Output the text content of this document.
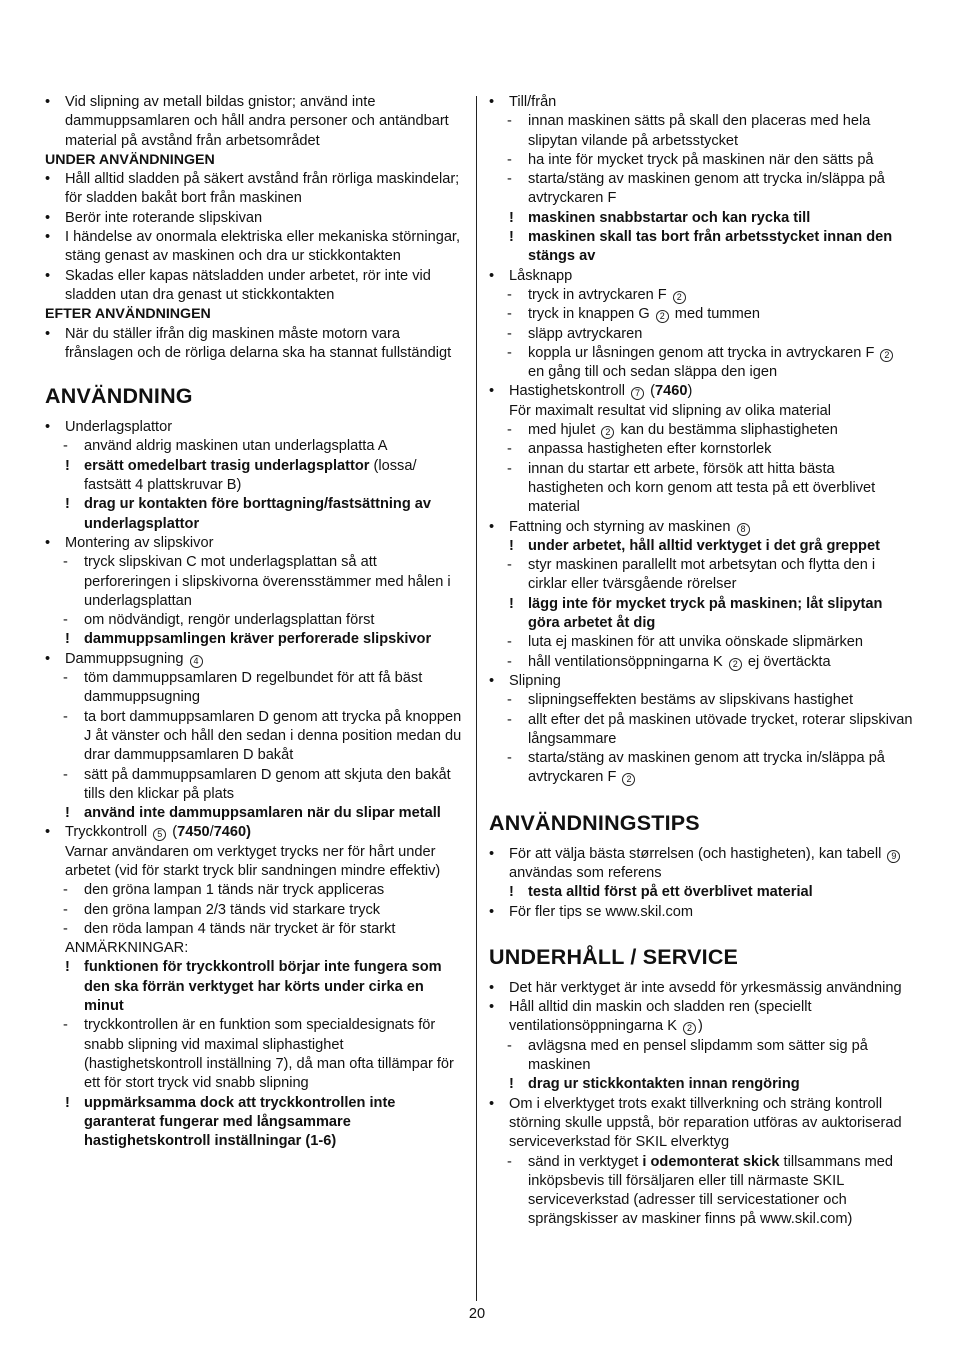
• Vid slipning av metall bildas gnistor; använd inte dammuppsamlaren och håll andra personer och antändbart material på avstånd från arbetsområdet
UNDER ANVÄNDNINGEN
• Håll alltid sladden på säkert avstånd från rörliga maskindelar; för sladden bakåt bort från maskinen
• Berör inte roterande slipskivan
• I händelse av onormala elektriska eller mekaniska störningar, stäng genast av maskinen och dra ur stickkontakten
• Skadas eller kapas nätsladden under arbetet, rör inte vid sladden utan dra genast ut stickkontakten
EFTER ANVÄNDNINGEN
• När du ställer ifrån dig maskinen måste motorn vara frånslagen och de rörliga delarna ska ha stannat fullständigt
ANVÄNDNING
• Underlagsplattor
- använd aldrig maskinen utan underlagsplatta A
! ersätt omedelbart trasig underlagsplattor (lossa/ fastsätt 4 plattskruvar B)
! drag ur kontakten före borttagning/fastsättning av underlagsplattor
• Montering av slipskivor
- tryck slipskivan C mot underlagsplattan så att perforeringen i slipskivorna överensstämmer med hålen i underlagsplattan
- om nödvändigt, rengör underlagsplattan först
! dammuppsamlingen kräver perforerade slipskivor
• Dammuppsugning 4
- töm dammuppsamlaren D regelbundet för att få bäst dammuppsugning
- ta bort dammuppsamlaren D genom att trycka på knoppen J åt vänster och håll den sedan i denna position medan du drar dammuppsamlaren D bakåt
- sätt på dammuppsamlaren D genom att skjuta den bakåt tills den klickar på plats
! använd inte dammuppsamlaren när du slipar metall
• Tryckkontroll 5 (7450/7460)
Varnar användaren om verktyget trycks ner för hårt under arbetet (vid för starkt tryck blir sandningen mindre effektiv)
- den gröna lampan 1 tänds när tryck appliceras
- den gröna lampan 2/3 tänds vid starkare tryck
- den röda lampan 4 tänds när trycket är för starkt
ANMÄRKNINGAR:
! funktionen för tryckkontroll börjar inte fungera som den ska förrän verktyget har körts under cirka en minut
- tryckkontrollen är en funktion som specialdesignats för snabb slipning vid maximal sliphastighet (hastighetskontroll inställning 7), då man ofta tillämpar för ett för stort tryck vid snabb slipning
! uppmärksamma dock att tryckkontrollen inte garanterat fungerar med långsammare hastighetskontroll inställningar (1-6)
• Till/från
- innan maskinen sätts på skall den placeras med hela slipytan vilande på arbetsstycket
- ha inte för mycket tryck på maskinen när den sätts på
- starta/stäng av maskinen genom att trycka in/släppa på avtryckaren F
! maskinen snabbstartar och kan rycka till
! maskinen skall tas bort från arbetsstycket innan den stängs av
• Låsknapp
- tryck in avtryckaren F 2
- tryck in knappen G 2 med tummen
- släpp avtryckaren
- koppla ur låsningen genom att trycka in avtryckaren F 2 en gång till och sedan släppa den igen
• Hastighetskontroll 7 (7460)
För maximalt resultat vid slipning av olika material
- med hjulet 2 kan du bestämma sliphastigheten
- anpassa hastigheten efter kornstorlek
- innan du startar ett arbete, försök att hitta bästa hastigheten och korn genom att testa på ett överblivet material
• Fattning och styrning av maskinen 8
! under arbetet, håll alltid verktyget i det grå greppet
- styr maskinen parallellt mot arbetsytan och flytta den i cirklar eller tvärsgående rörelser
! lägg inte för mycket tryck på maskinen; låt slipytan göra arbetet åt dig
- luta ej maskinen för att unvika oönskade slipmärken
- håll ventilationsöppningarna K 2 ej övertäckta
• Slipning
- slipningseffekten bestäms av slipskivans hastighet
- allt efter det på maskinen utövade trycket, roterar slipskivan långsammare
- starta/stäng av maskinen genom att trycka in/släppa på avtryckaren F 2
ANVÄNDNINGSTIPS
• För att välja bästa størrelsen (och hastigheten), kan tabell 9 användas som referens
! testa alltid först på ett överblivet material
• För fler tips se www.skil.com
UNDERHÅLL / SERVICE
• Det här verktyget är inte avsedd för yrkesmässig användning
• Håll alltid din maskin och sladden ren (speciellt ventilationsöppningarna K 2 )
- avlägsna med en pensel slipdamm som sätter sig på maskinen
! drag ur stickkontakten innan rengöring
• Om i elverktyget trots exakt tillverkning och sträng kontroll störning skulle uppstå, bör reparation utföras av auktoriserad serviceverkstad för SKIL elverktyg
- sänd in verktyget i odemonterat skick tillsammans med inköpsbevis till försäljaren eller till närmaste SKIL serviceverkstad (adresser till servicestationer och sprängskisser av maskiner finns på www.skil.com)
20
